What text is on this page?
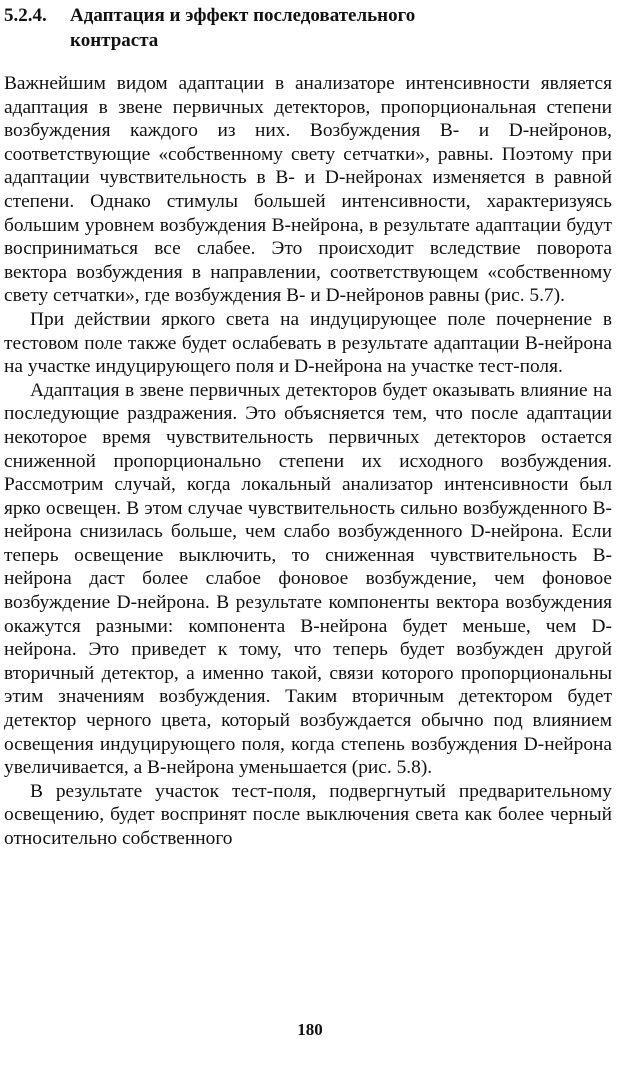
5.2.4. Адаптация и эффект последовательного
контраста

Важнейшим видом адаптации в анализаторе интенсивности является адаптация в звене первичных детекторов, пропорциональная степени возбуждения каждого из них. Возбуждения В- и D-нейронов, соответствующие «собственному свету сетчатки», равны. Поэтому при адаптации чувствительность в В- и D-нейронах изменяется в равной степени. Однако стимулы большей интенсивности, характеризуясь большим уровнем возбуждения В-нейрона, в результате адаптации будут восприниматься все слабее. Это происходит вследствие поворота вектора возбуждения в направлении, соответствующем «собственному свету сетчатки», где возбуждения В- и D-нейронов равны (рис. 5.7).

При действии яркого света на индуцирующее поле почернение в тестовом поле также будет ослабевать в результате адаптации В-нейрона на участке индуцирующего поля и D-нейрона на участке тест-поля.

Адаптация в звене первичных детекторов будет оказывать влияние на последующие раздражения. Это объясняется тем, что после адаптации некоторое время чувствительность первичных детекторов остается сниженной пропорционально степени их исходного возбуждения. Рассмотрим случай, когда локальный анализатор интенсивности был ярко освещен. В этом случае чувствительность сильно возбужденного В-нейрона снизилась больше, чем слабо возбужденного D-нейрона. Если теперь освещение выключить, то сниженная чувствительность В-нейрона даст более слабое фоновое возбуждение, чем фоновое возбуждение D-нейрона. В результате компоненты вектора возбуждения окажутся разными: компонента В-нейрона будет меньше, чем D-нейрона. Это приведет к тому, что теперь будет возбужден другой вторичный детектор, а именно такой, связи которого пропорциональны этим значениям возбуждения. Таким вторичным детектором будет детектор черного цвета, который возбуждается обычно под влиянием освещения индуцирующего поля, когда степень возбуждения D-нейрона увеличивается, а В-нейрона уменьшается (рис. 5.8).

В результате участок тест-поля, подвергнутый предварительному освещению, будет воспринят после выключения света как более черный относительно собственного

180
